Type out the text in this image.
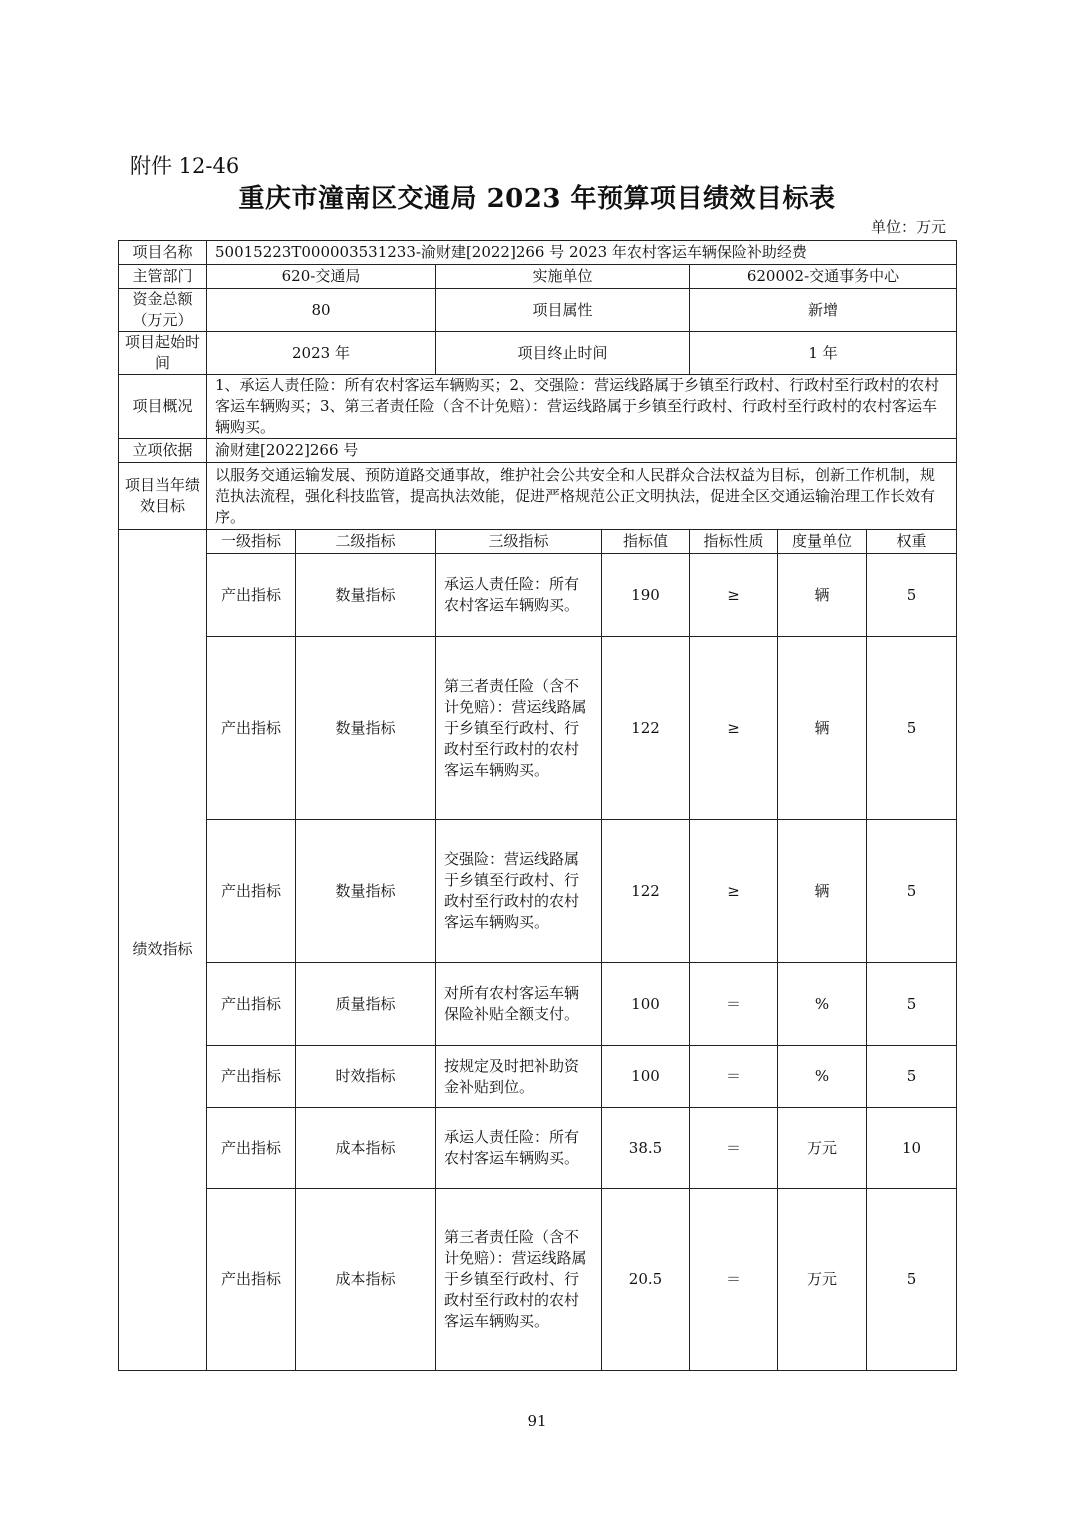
附件 12-46
重庆市潼南区交通局 2023 年预算项目绩效目标表
单位：万元
项目名称	50015223T000003531233-渝财建[2022]266 号 2023 年农村客运车辆保险补助经费						
主管部门	620-交通局		实施单位		620002-交通事务中心		
资金总额（万元）	80		项目属性		新增		
项目起始时间	2023 年		项目终止时间		1 年		
项目概况	1、承运人责任险：所有农村客运车辆购买；2、交强险：营运线路属于乡镇至行政村、行政村至行政村的农村客运车辆购买；3、第三者责任险（含不计免赔）：营运线路属于乡镇至行政村、行政村至行政村的农村客运车辆购买。						
立项依据	渝财建[2022]266 号						
项目当年绩效目标	以服务交通运输发展、预防道路交通事故，维护社会公共安全和人民群众合法权益为目标，创新工作机制，规范执法流程，强化科技监管，提高执法效能，促进严格规范公正文明执法，促进全区交通运输治理工作长效有序。						
绩效指标	一级指标	二级指标	三级指标	指标值	指标性质	度量单位	权重
	产出指标	数量指标	承运人责任险：所有农村客运车辆购买。	190	≥	辆	5
	产出指标	数量指标	第三者责任险（含不计免赔）：营运线路属于乡镇至行政村、行政村至行政村的农村客运车辆购买。	122	≥	辆	5
	产出指标	数量指标	交强险：营运线路属于乡镇至行政村、行政村至行政村的农村客运车辆购买。	122	≥	辆	5
	产出指标	质量指标	对所有农村客运车辆保险补贴全额支付。	100	＝	%	5
	产出指标	时效指标	按规定及时把补助资金补贴到位。	100	＝	%	5
	产出指标	成本指标	承运人责任险：所有农村客运车辆购买。	38.5	＝	万元	10
	产出指标	成本指标	第三者责任险（含不计免赔）：营运线路属于乡镇至行政村、行政村至行政村的农村客运车辆购买。	20.5	＝	万元	5
91
